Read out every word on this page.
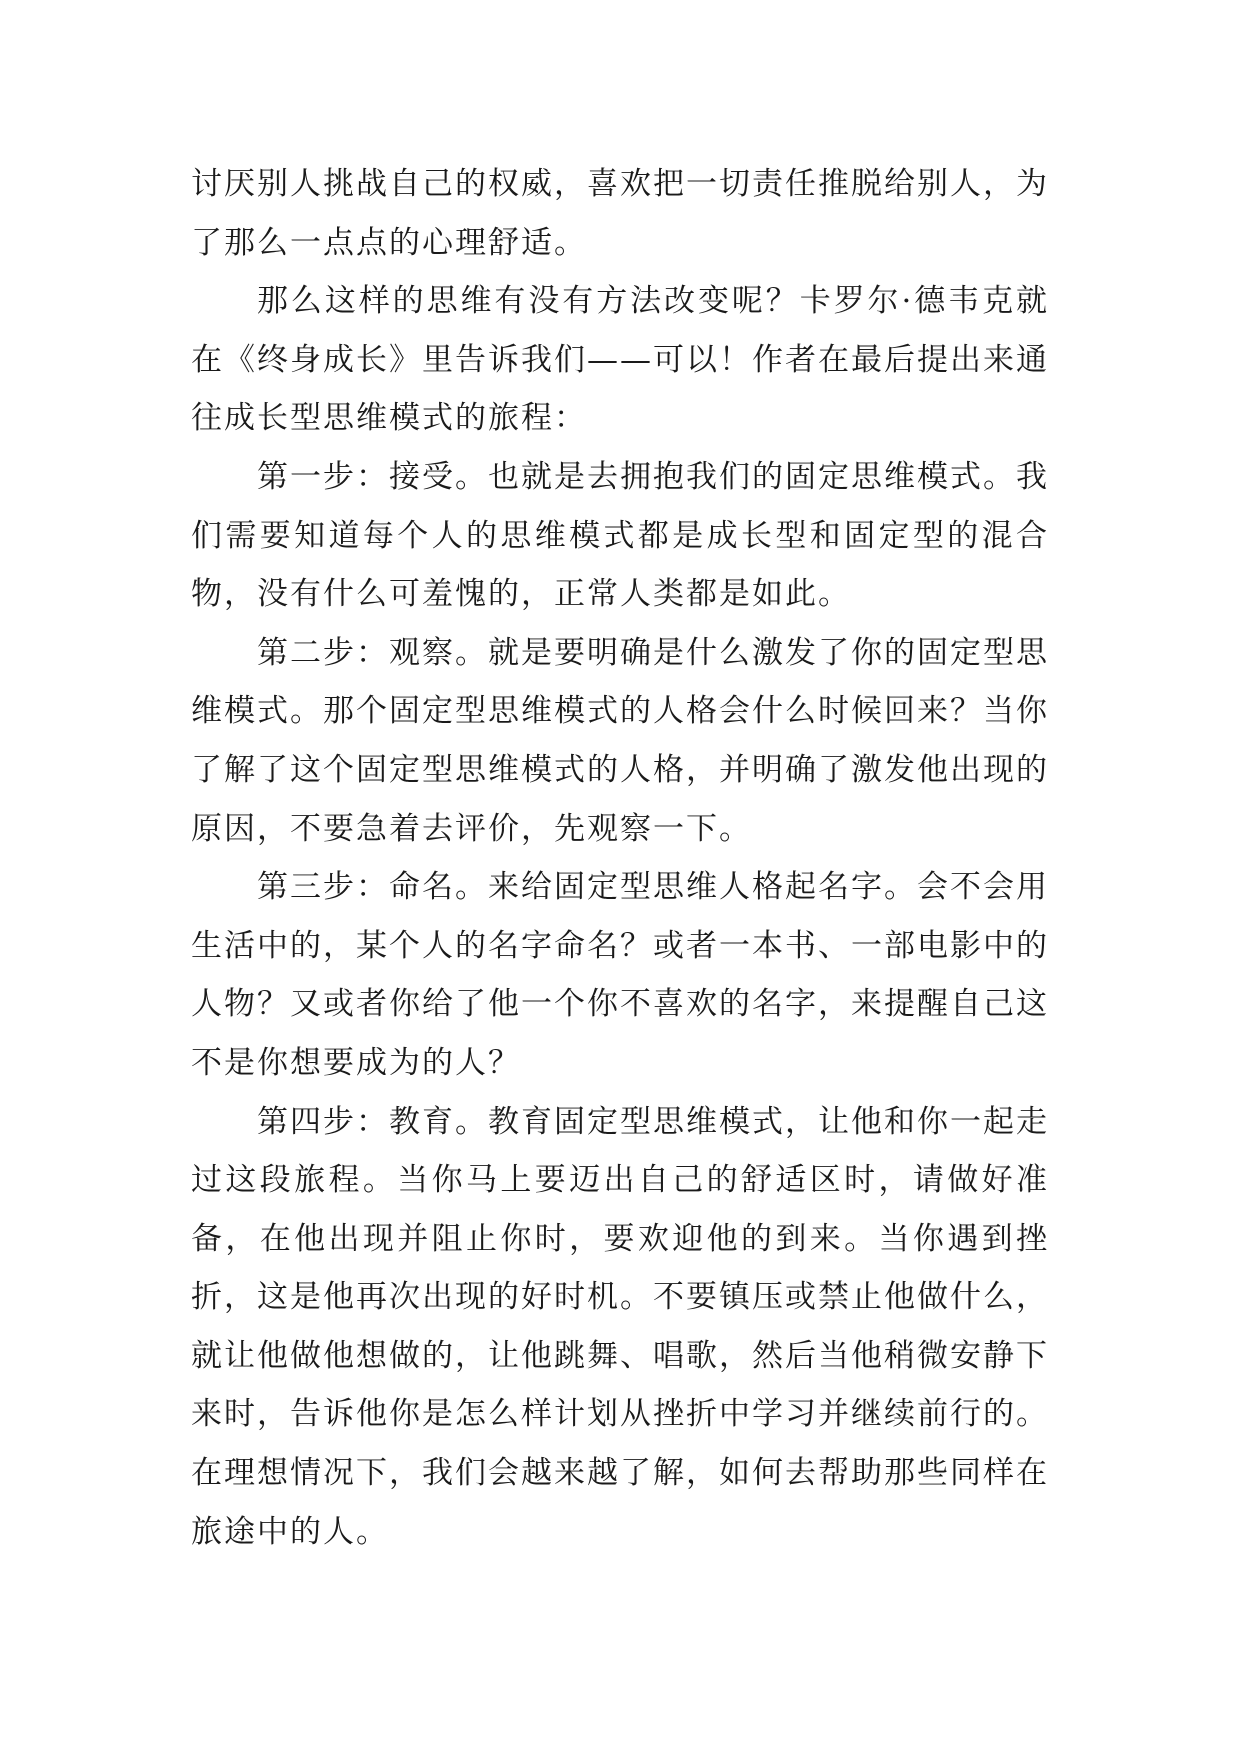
讨厌别人挑战自己的权威，喜欢把一切责任推脱给别人，为了那么一点点的心理舒适。

那么这样的思维有没有方法改变呢？卡罗尔·德韦克就在《终身成长》里告诉我们——可以！作者在最后提出来通往成长型思维模式的旅程：

第一步：接受。也就是去拥抱我们的固定思维模式。我们需要知道每个人的思维模式都是成长型和固定型的混合物，没有什么可羞愧的，正常人类都是如此。

第二步：观察。就是要明确是什么激发了你的固定型思维模式。那个固定型思维模式的人格会什么时候回来？当你了解了这个固定型思维模式的人格，并明确了激发他出现的原因，不要急着去评价，先观察一下。

第三步：命名。来给固定型思维人格起名字。会不会用生活中的，某个人的名字命名？或者一本书、一部电影中的人物？又或者你给了他一个你不喜欢的名字，来提醒自己这不是你想要成为的人？

第四步：教育。教育固定型思维模式，让他和你一起走过这段旅程。当你马上要迈出自己的舒适区时，请做好准备，在他出现并阻止你时，要欢迎他的到来。当你遇到挫折，这是他再次出现的好时机。不要镇压或禁止他做什么，就让他做他想做的，让他跳舞、唱歌，然后当他稍微安静下来时，告诉他你是怎么样计划从挫折中学习并继续前行的。在理想情况下，我们会越来越了解，如何去帮助那些同样在旅途中的人。
